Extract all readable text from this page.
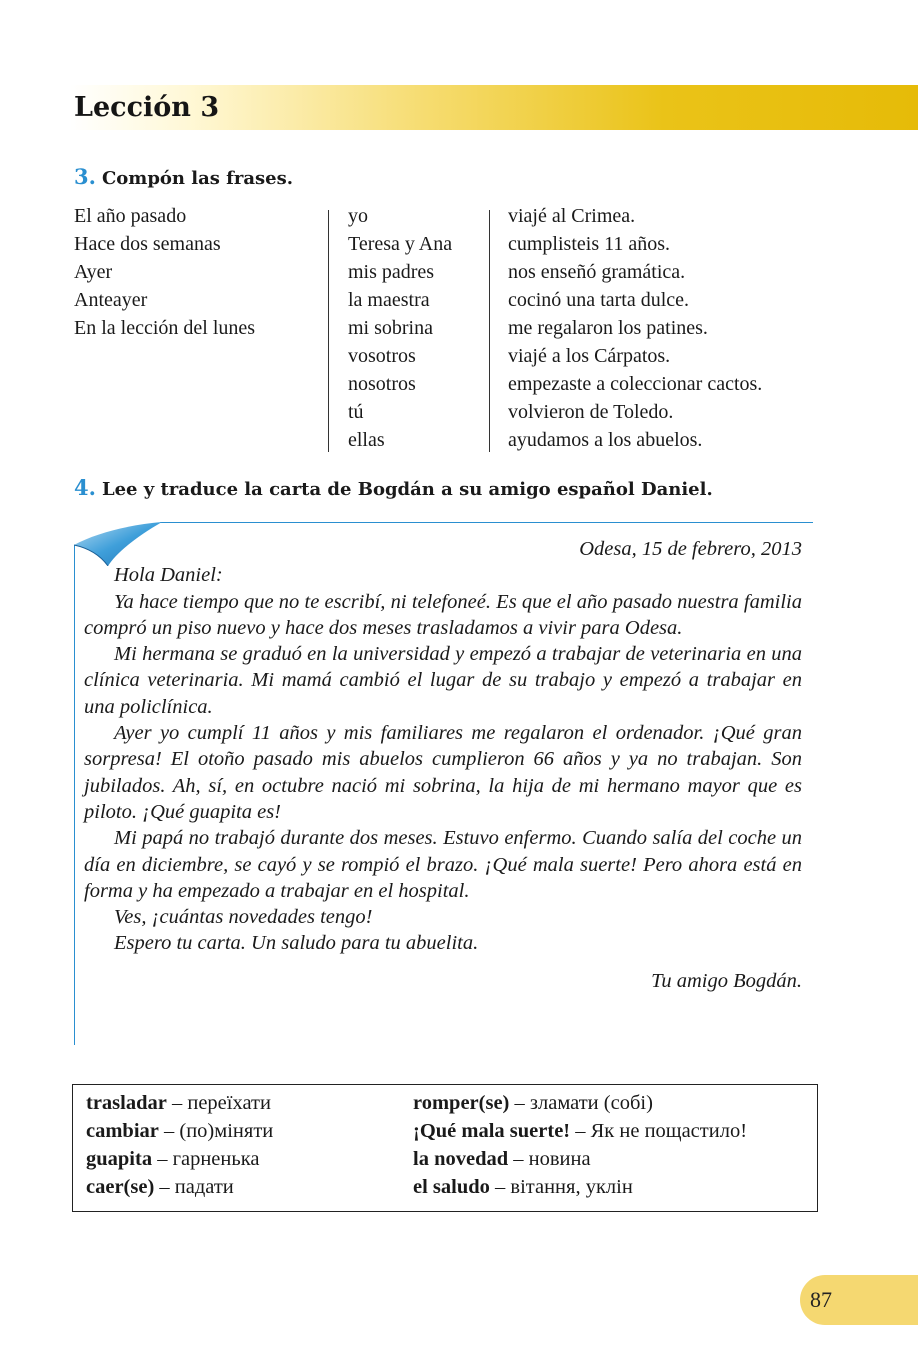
Lección 3
3. Compón las frases.
El año pasado
Hace dos semanas
Ayer
Anteayer
En la lección del lunes
yo
Teresa y Ana
mis padres
la maestra
mi sobrina
vosotros
nosotros
tú
ellas
viajé al Crimea.
cumplisteis 11 años.
nos enseñó gramática.
cocinó una tarta dulce.
me regalaron los patines.
viajé a los Cárpatos.
empezaste a coleccionar cactos.
volvieron de Toledo.
ayudamos a los abuelos.
4. Lee y traduce la carta de Bogdán a su amigo español Daniel.
Odesa, 15 de febrero, 2013

Hola Daniel:

Ya hace tiempo que no te escribí, ni telefoneé. Es que el año pasado nuestra familia compró un piso nuevo y hace dos meses trasladamos a vivir para Odesa.

Mi hermana se graduó en la universidad y empezó a trabajar de veterinaria en una clínica veterinaria. Mi mamá cambió el lugar de su trabajo y empezó a trabajar en una policlínica.

Ayer yo cumplí 11 años y mis familiares me regalaron el ordenador. ¡Qué gran sorpresa! El otoño pasado mis abuelos cumplieron 66 años y ya no trabajan. Son jubilados. Ah, sí, en octubre nació mi sobrina, la hija de mi hermano mayor que es piloto. ¡Qué guapita es!

Mi papá no trabajó durante dos meses. Estuvo enfermo. Cuando salía del coche un día en diciembre, se cayó y se rompió el brazo. ¡Qué mala suerte! Pero ahora está en forma y ha empezado a trabajar en el hospital.

Ves, ¡cuántas novedades tengo!

Espero tu carta. Un saludo para tu abuelita.

Tu amigo Bogdán.
trasladar – переїхати
cambiar – (по)міняти
guapita – гарненька
caer(se) – падати
romper(se) – зламати (собі)
¡Qué mala suerte! – Як не пощастило!
la novedad – новина
el saludo – вітання, уклін
87
